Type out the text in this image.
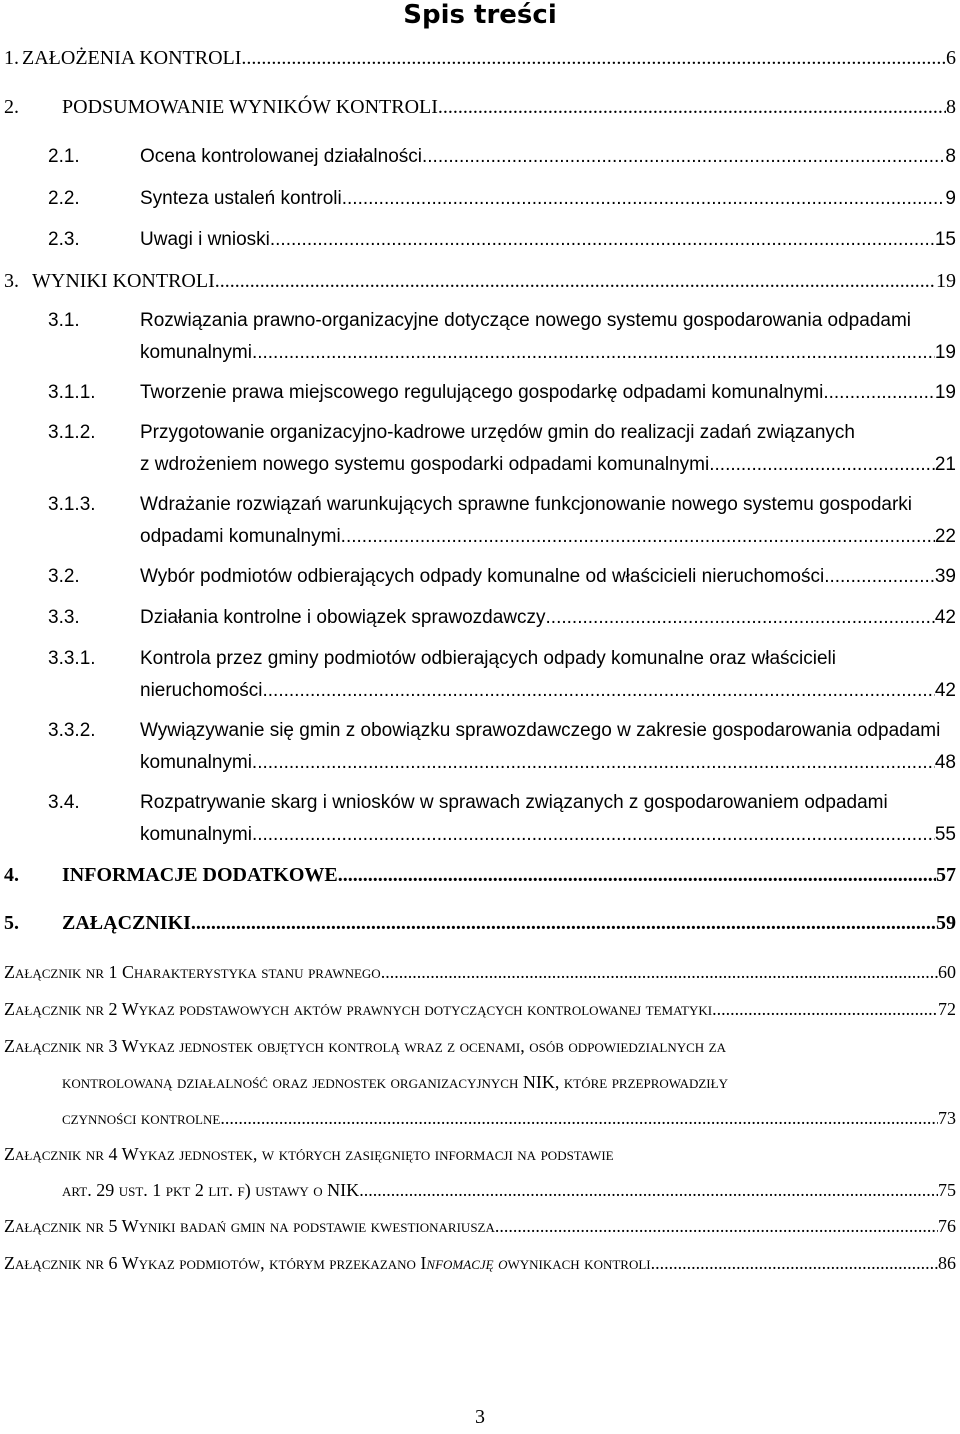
Spis treści
1. ZAŁOŻENIA KONTROLI .....	6
2. PODSUMOWANIE WYNIKÓW KONTROLI .....	8
2.1.	Ocena kontrolowanej działalności .....	8
2.2.	Synteza ustaleń kontroli .....	9
2.3.	Uwagi i wnioski .....	15
3. WYNIKI KONTROLI .....	19
3.1.	Rozwiązania prawno-organizacyjne dotyczące nowego systemu gospodarowania odpadami
komunalnymi .....	19
3.1.1. Tworzenie prawa miejscowego regulującego gospodarkę odpadami komunalnymi .....	19
3.1.2. Przygotowanie organizacyjno-kadrowe urzędów gmin do realizacji zadań związanych
z wdrożeniem nowego systemu gospodarki odpadami komunalnymi .....	21
3.1.3. Wdrażanie rozwiązań warunkujących sprawne funkcjonowanie nowego systemu gospodarki
odpadami komunalnymi .....	22
3.2.	Wybór podmiotów odbierających odpady komunalne od właścicieli nieruchomości .....	39
3.3.	Działania kontrolne i obowiązek sprawozdawczy .....	42
3.3.1. Kontrola przez gminy podmiotów odbierających odpady komunalne oraz właścicieli
nieruchomości .....	42
3.3.2. Wywiązywanie się gmin z obowiązku sprawozdawczego w zakresie gospodarowania odpadami
komunalnymi. .....	48
3.4.	Rozpatrywanie skarg i wniosków w sprawach związanych z gospodarowaniem odpadami
komunalnymi .....	55
4. INFORMACJE DODATKOWE .....	57
5. ZAŁĄCZNIKI .....	59
Załącznik nr 1 Charakterystyka stanu prawnego .....	60
Załącznik nr 2 Wykaz podstawowych aktów prawnych dotyczących kontrolowanej tematyki. .....	72
Załącznik nr 3 Wykaz jednostek objętych kontrolą wraz z ocenami, osób odpowiedzialnych za
kontrolowaną działalność oraz jednostek organizacyjnych NIK, które przeprowadziły
czynności kontrolne .....	73
Załącznik nr 4 Wykaz jednostek, w których zasięgnięto informacji na podstawie
art. 29 ust. 1 pkt 2 lit. f) ustawy o NIK .....	75
Załącznik nr 5 Wyniki badań gmin na podstawie kwestionariusza. .....	76
Załącznik nr 6 Wykaz podmiotów, którym przekazano I nfomację o wynikach kontroli .....	86
3
